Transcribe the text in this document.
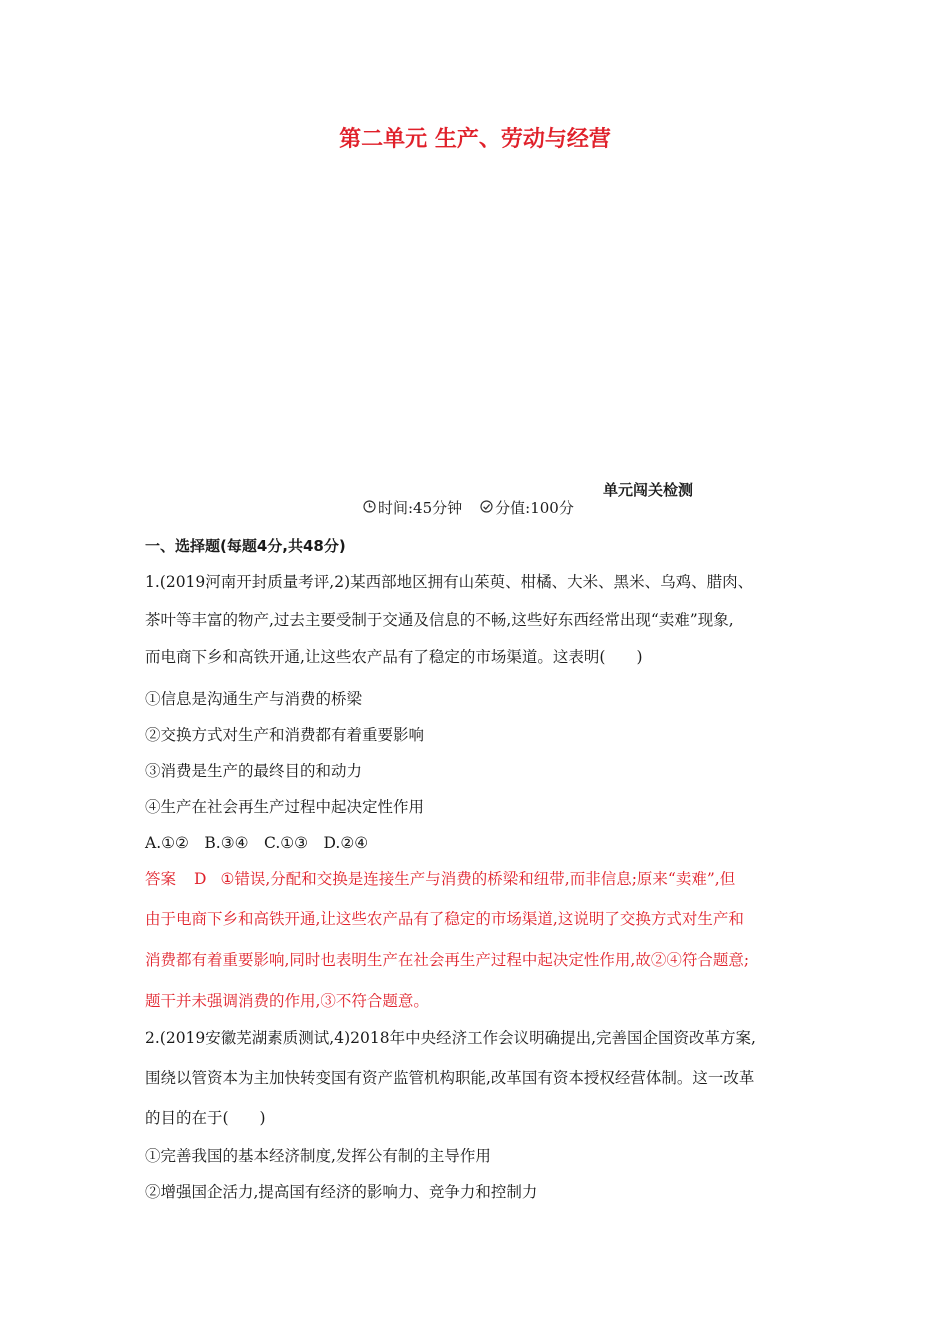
第二单元 生产、劳动与经营
单元闯关检测
时间:45分钟 分值:100分
一、选择题(每题4分,共48分)
1.(2019河南开封质量考评,2)某西部地区拥有山茱萸、柑橘、大米、黑米、乌鸡、腊肉、
茶叶等丰富的物产,过去主要受制于交通及信息的不畅,这些好东西经常出现“卖难”现象,
而电商下乡和高铁开通,让这些农产品有了稳定的市场渠道。这表明(　　)
①信息是沟通生产与消费的桥梁
②交换方式对生产和消费都有着重要影响
③消费是生产的最终目的和动力
④生产在社会再生产过程中起决定性作用
A.①②　B.③④　C.①③　D.②④
答案 D ①错误,分配和交换是连接生产与消费的桥梁和纽带,而非信息;原来“卖难”,但
由于电商下乡和高铁开通,让这些农产品有了稳定的市场渠道,这说明了交换方式对生产和
消费都有着重要影响,同时也表明生产在社会再生产过程中起决定性作用,故②④符合题意;
题干并未强调消费的作用,③不符合题意。
2.(2019安徽芜湖素质测试,4)2018年中央经济工作会议明确提出,完善国企国资改革方案,
围绕以管资本为主加快转变国有资产监管机构职能,改革国有资本授权经营体制。这一改革
的目的在于(　　)
①完善我国的基本经济制度,发挥公有制的主导作用
②增强国企活力,提高国有经济的影响力、竞争力和控制力
